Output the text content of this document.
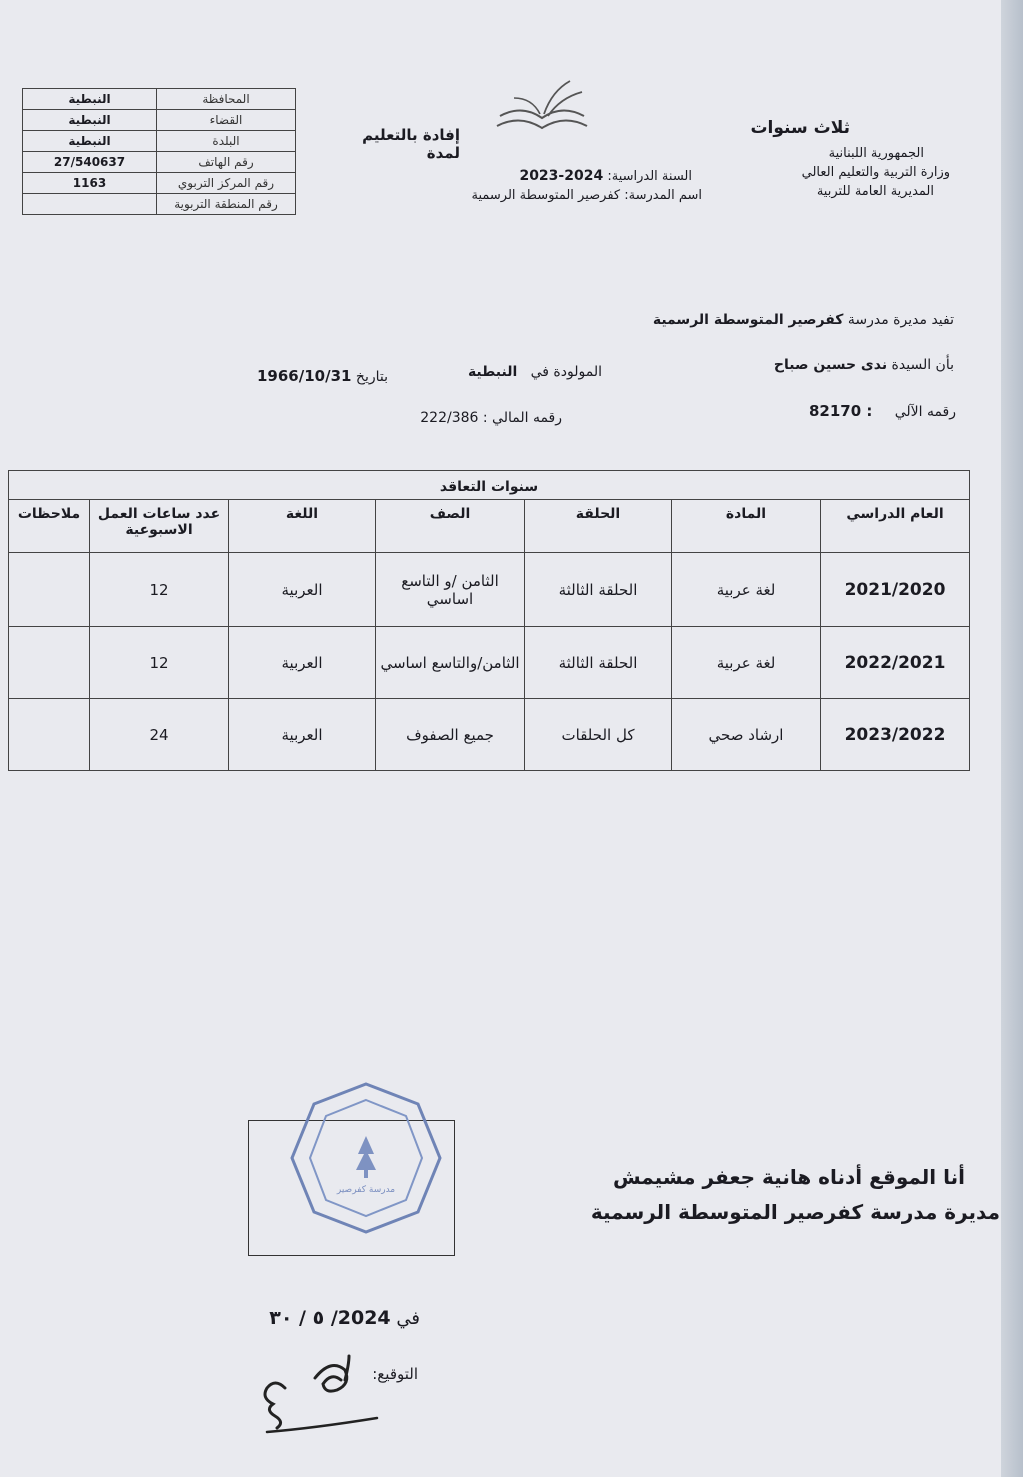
النبطية	المحافظة
النبطية	القضاء
النبطية	البلدة
27/540637	رقم الهاتف
1163	رقم المركز التربوي
	رقم المنطقة التربوية
إفادة بالتعليم لمدة
ثلاث سنوات
الجمهورية اللبنانية
وزارة التربية والتعليم العالي
المديرية العامة للتربية
السنة الدراسية: 2024-2023
اسم المدرسة: كفرصير المتوسطة الرسمية
تفيد مديرة مدرسة كفرصير المتوسطة الرسمية
بأن السيدة ندى حسين صباح
المولودة في   النبطية
بتاريخ 1966/10/31
رقمه الآلي     : 82170
رقمه المالي : 222/386
سنوات التعاقد						
العام الدراسي	المادة	الحلقة	الصف	اللغة	عدد ساعات العمل الاسبوعية	ملاحظات
2021/2020	لغة عربية	الحلقة الثالثة	الثامن /و التاسع اساسي	العربية	12	
2022/2021	لغة عربية	الحلقة الثالثة	الثامن/والتاسع اساسي	العربية	12	
2023/2022	ارشاد صحي	كل الحلقات	جميع الصفوف	العربية	24	
مدرسة كفرصير
أنا الموقع أدناه هانية جعفر مشيمش
مديرة مدرسة كفرصير المتوسطة الرسمية
في 2024/ ٥ / ٣٠
التوقيع:
